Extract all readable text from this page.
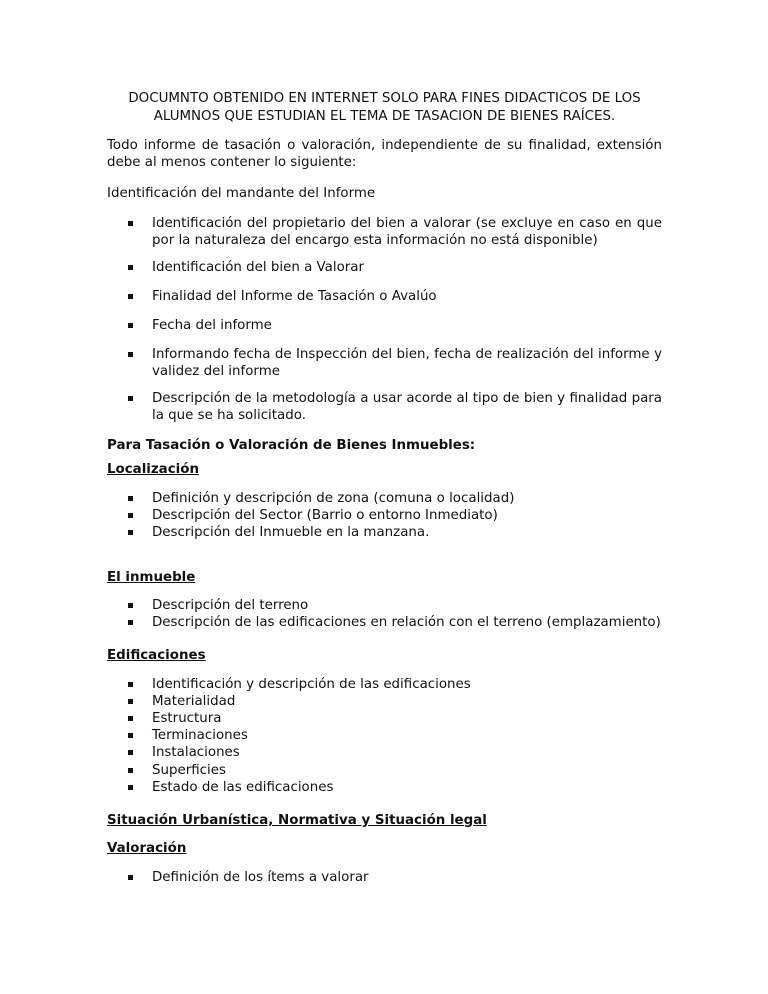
DOCUMNTO OBTENIDO EN INTERNET SOLO PARA FINES DIDACTICOS DE LOS
ALUMNOS QUE ESTUDIAN EL TEMA DE TASACION DE BIENES RAÍCES.

Todo informe de tasación o valoración, independiente de su finalidad, extensión debe al menos contener lo siguiente:

Identificación del mandante del Informe

Identificación del propietario del bien a valorar (se excluye en caso en que por la naturaleza del encargo esta información no está disponible)
Identificación del bien a Valorar
Finalidad del Informe de Tasación o Avalúo
Fecha del informe
Informando fecha de Inspección del bien, fecha de realización del informe y validez del informe
Descripción de la metodología a usar acorde al tipo de bien y finalidad para la que se ha solicitado.
Para Tasación o Valoración de Bienes Inmuebles:
Localización
Definición y descripción de zona (comuna o localidad)
Descripción del Sector (Barrio o entorno Inmediato)
Descripción del Inmueble en la manzana.
El inmueble
Descripción del terreno
Descripción de las edificaciones en relación con el terreno (emplazamiento)
Edificaciones
Identificación y descripción de las edificaciones
Materialidad
Estructura
Terminaciones
Instalaciones
Superficies
Estado de las edificaciones
Situación Urbanística, Normativa y Situación legal
Valoración
Definición de los ítems a valorar
